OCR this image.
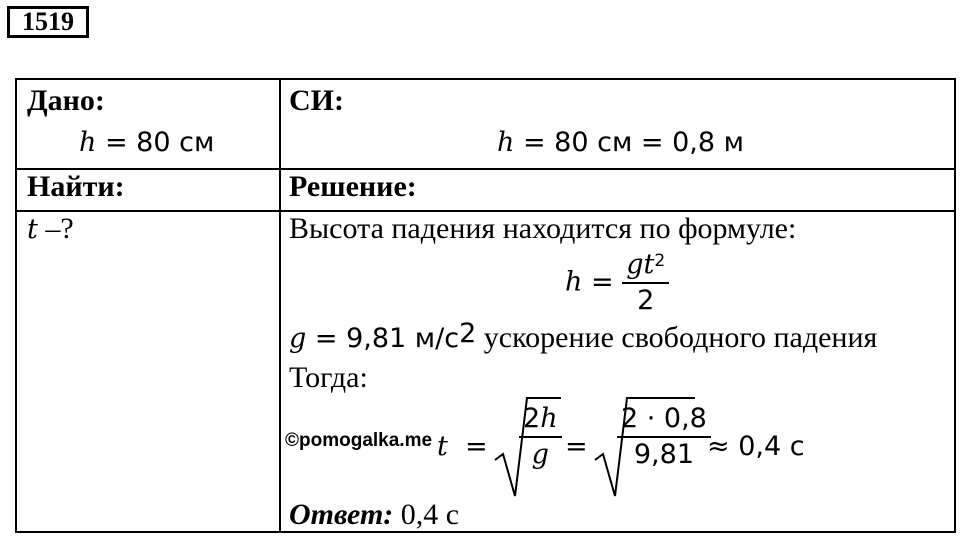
1519
Дано:
h = 80 см
Найти:
t –?
СИ:
h = 80 см = 0,8 м
Решение:
Высота падения находится по формуле:
$h = \frac{gt^2}{2}$
g = 9,81 $м/с^2$ ускорение свободного падения
Тогда:
©pomogalka.me $t = \frac{2h}{g} = \frac{2 \cdot 0,8}{9,81}$
≈ 0,4 с
Ответ: 0,4 с
